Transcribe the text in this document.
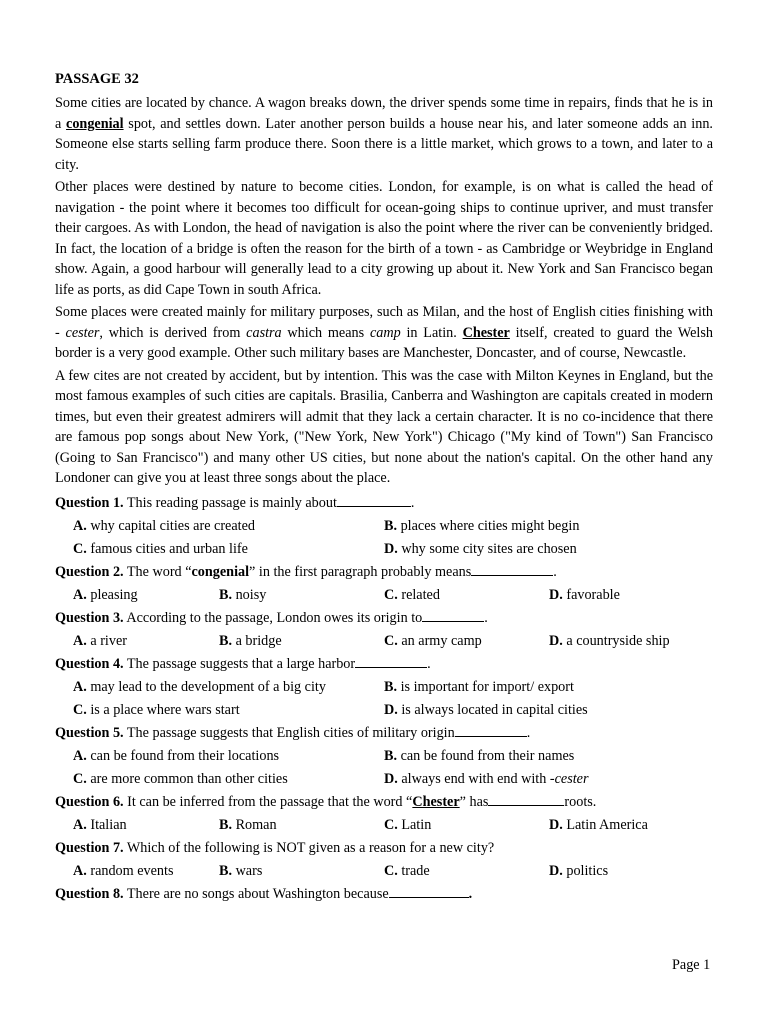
PASSAGE 32

Some cities are located by chance. A wagon breaks down, the driver spends some time in repairs, finds that he is in a congenial spot, and settles down. Later another person builds a house near his, and later someone adds an inn. Someone else starts selling farm produce there. Soon there is a little market, which grows to a town, and later to a city.

Other places were destined by nature to become cities. London, for example, is on what is called the head of navigation - the point where it becomes too difficult for ocean-going ships to continue upriver, and must transfer their cargoes. As with London, the head of navigation is also the point where the river can be conveniently bridged. In fact, the location of a bridge is often the reason for the birth of a town - as Cambridge or Weybridge in England show. Again, a good harbour will generally lead to a city growing up about it. New York and San Francisco began life as ports, as did Cape Town in south Africa.

Some places were created mainly for military purposes, such as Milan, and the host of English cities finishing with - cester, which is derived from castra which means camp in Latin. Chester itself, created to guard the Welsh border is a very good example. Other such military bases are Manchester, Doncaster, and of course, Newcastle.

A few cites are not created by accident, but by intention. This was the case with Milton Keynes in England, but the most famous examples of such cities are capitals. Brasilia, Canberra and Washington are capitals created in modern times, but even their greatest admirers will admit that they lack a certain character. It is no co-incidence that there are famous pop songs about New York, ("New York, New York") Chicago ("My kind of Town") San Francisco (Going to San Francisco") and many other US cities, but none about the nation's capital. On the other hand any Londoner can give you at least three songs about the place.

Question 1. This reading passage is mainly about	.
A. why capital cities are created	B. places where cities might begin
C. famous cities and urban life	D. why some city sites are chosen
Question 2. The word “congenial” in the first paragraph probably means	.
A. pleasing	B. noisy	C. related	D. favorable
Question 3. According to the passage, London owes its origin to	.
A. a river	B. a bridge	C. an army camp	D. a countryside ship
Question 4. The passage suggests that a large harbor	.
A. may lead to the development of a big city	B. is important for import/ export
C. is a place where wars start	D. is always located in capital cities
Question 5. The passage suggests that English cities of military origin	.
A. can be found from their locations	B. can be found from their names
C. are more common than other cities	D. always end with end with -cester
Question 6. It can be inferred from the passage that the word “Chester” has	roots.
A. Italian	B. Roman	C. Latin	D. Latin America
Question 7. Which of the following is NOT given as a reason for a new city?
A. random events	B. wars	C. trade	D. politics
Question 8. There are no songs about Washington because	.
Page 1
